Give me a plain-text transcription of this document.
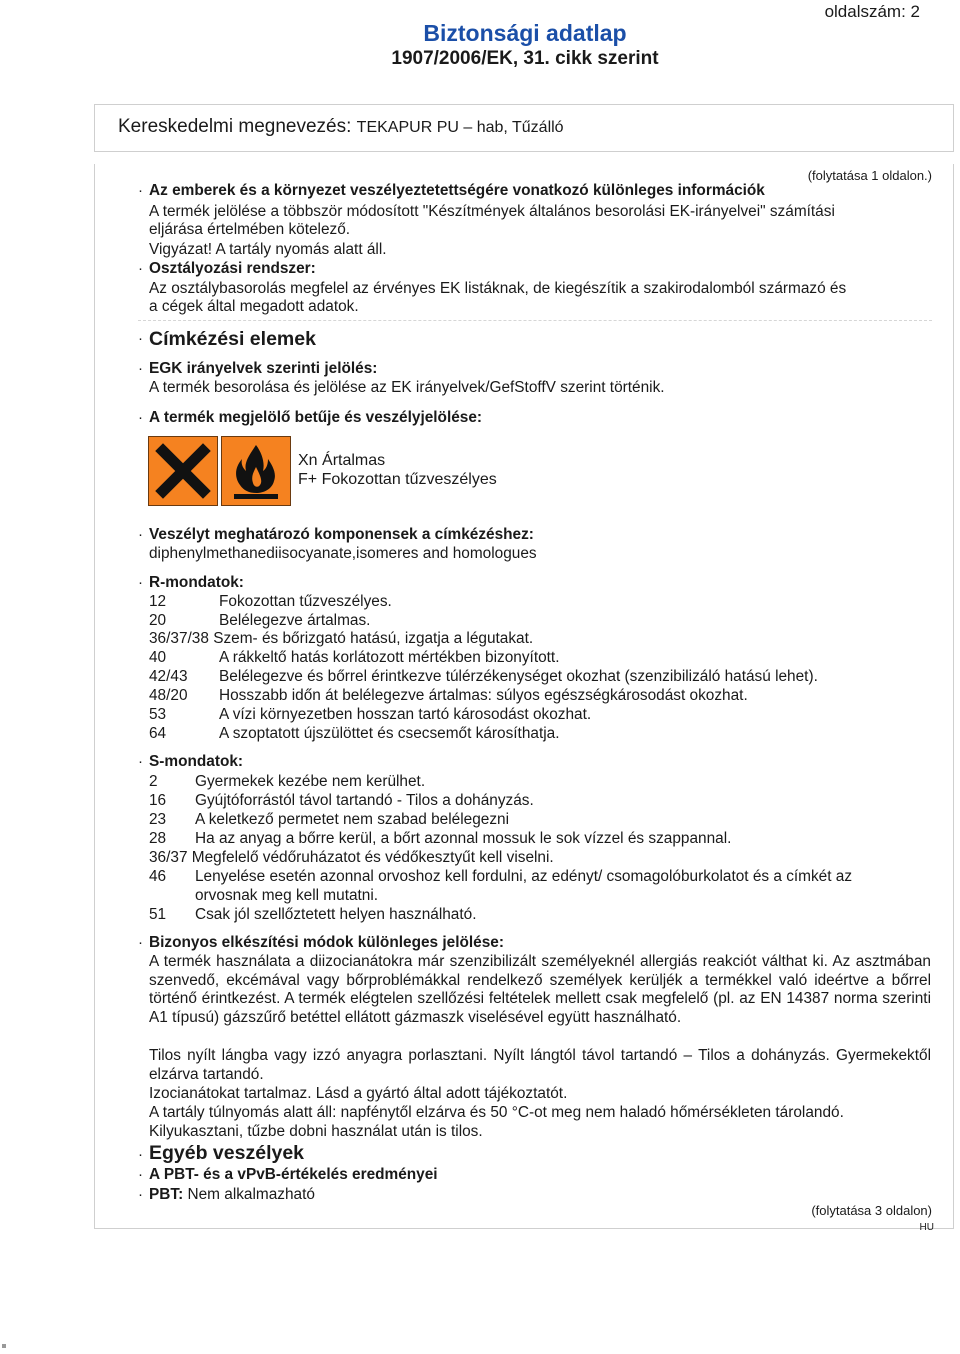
Biztonsági adatlap
1907/2006/EK, 31. cikk szerint
oldalszám: 2
Kereskedelmi megnevezés: TEKAPUR PU – hab, Tűzálló
(folytatása 1 oldalon.)
· Az emberek és a környezet veszélyeztetettségére vonatkozó különleges információk
A termék jelölése a többször módosított "Készítmények általános besorolási EK-irányelvei" számítási
eljárása értelmében kötelező.
Vigyázat! A tartály nyomás alatt áll.
· Osztályozási rendszer:
Az osztálybasorolás megfelel az érvényes EK listáknak, de kiegészítik a szakirodalomból származó és
a cégek által megadott adatok.
· Címkézési elemek
· EGK irányelvek szerinti jelölés:
A termék besorolása és jelölése az EK irányelvek/GefStoffV szerint történik.
· A termék megjelölő betűje és veszélyjelölése:
Xn Ártalmas
F+ Fokozottan tűzveszélyes
· Veszélyt meghatározó komponensek a címkézéshez:
diphenylmethanediisocyanate,isomeres and homologues
· R-mondatok:
12	Fokozottan tűzveszélyes.
20	Belélegezve ártalmas.
36/37/38 Szem- és bőrizgató hatású, izgatja a légutakat.
40	A rákkeltő hatás korlátozott mértékben bizonyított.
42/43 Belélegezve és bőrrel érintkezve túlérzékenységet okozhat (szenzibilizáló hatású lehet).
48/20 Hosszabb időn át belélegezve ártalmas: súlyos egészségkárosodást okozhat.
53	A vízi környezetben hosszan tartó károsodást okozhat.
64	A szoptatott újszülöttet és csecsemőt károsíthatja.
· S-mondatok:
2 Gyermekek kezébe nem kerülhet.
16 Gyújtóforrástól távol tartandó - Tilos a dohányzás.
23 A keletkező permetet nem szabad belélegezni
28 Ha az anyag a bőrre kerül, a bőrt azonnal mossuk le sok vízzel és szappannal.
36/37 Megfelelő védőruházatot és védőkesztyűt kell viselni.
46 Lenyelése esetén azonnal orvoshoz kell fordulni, az edényt/ csomagolóburkolatot és a címkét az
orvosnak meg kell mutatni.
51 Csak jól szellőztetett helyen használható.
· Bizonyos elkészítési módok különleges jelölése:
A termék használata a diizocianátokra már szenzibilizált személyeknél allergiás reakciót válthat ki. Az asztmában szenvedő, ekcémával vagy bőrproblémákkal rendelkező személyek kerüljék a termékkel való ideértve a bőrrel történő érintkezést. A termék elégtelen szellőzési feltételek mellett csak megfelelő (pl. az EN 14387 norma szerinti A1 típusú) gázszűrő betéttel ellátott gázmaszk viselésével együtt használható.
Tilos nyílt lángba vagy izzó anyagra porlasztani. Nyílt lángtól távol tartandó – Tilos a dohányzás. Gyermekektől elzárva tartandó.
Izocianátokat tartalmaz. Lásd a gyártó által adott tájékoztatót.
A tartály túlnyomás alatt áll: napfénytől elzárva és 50 °C-ot meg nem haladó hőmérsékleten tárolandó.
Kilyukasztani, tűzbe dobni használat után is tilos.
· Egyéb veszélyek
· A PBT- és a vPvB-értékelés eredményei
· PBT: Nem alkalmazható
(folytatása 3 oldalon)
HU
